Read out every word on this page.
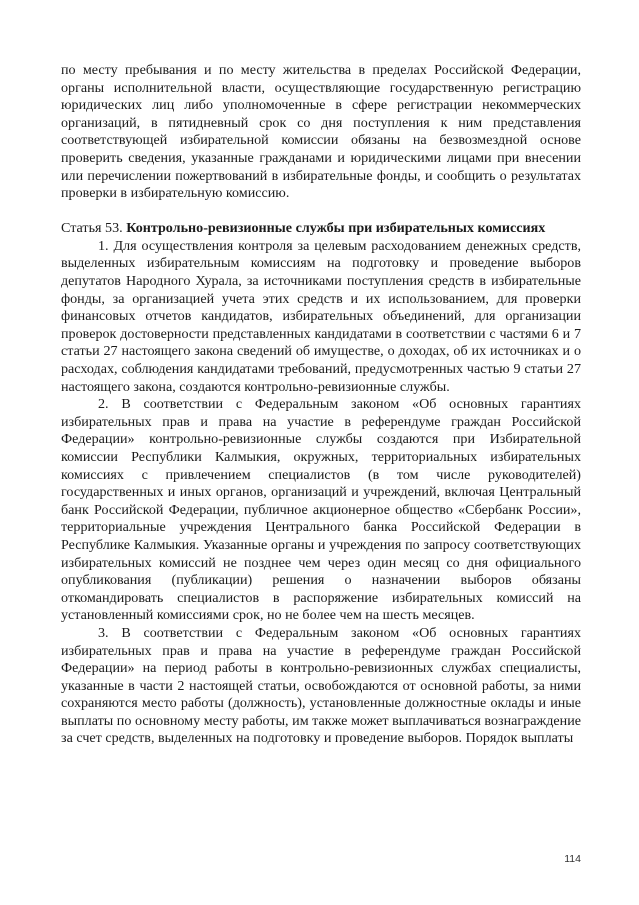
по месту пребывания и по месту жительства в пределах Российской Федерации, органы исполнительной власти, осуществляющие государственную регистрацию юридических лиц либо уполномоченные в сфере регистрации некоммерческих организаций, в пятидневный срок со дня поступления к ним представления соответствующей избирательной комиссии обязаны на безвозмездной основе проверить сведения, указанные гражданами и юридическими лицами при внесении или перечислении пожертвований в избирательные фонды, и сообщить о результатах проверки в избирательную комиссию.

Статья 53. Контрольно-ревизионные службы при избирательных комиссиях

1. Для осуществления контроля за целевым расходованием денежных средств, выделенных избирательным комиссиям на подготовку и проведение выборов депутатов Народного Хурала, за источниками поступления средств в избирательные фонды, за организацией учета этих средств и их использованием, для проверки финансовых отчетов кандидатов, избирательных объединений, для организации проверок достоверности представленных кандидатами в соответствии с частями 6 и 7 статьи 27 настоящего закона сведений об имуществе, о доходах, об их источниках и о расходах, соблюдения кандидатами требований, предусмотренных частью 9 статьи 27 настоящего закона, создаются контрольно-ревизионные службы.

2. В соответствии с Федеральным законом «Об основных гарантиях избирательных прав и права на участие в референдуме граждан Российской Федерации» контрольно-ревизионные службы создаются при Избирательной комиссии Республики Калмыкия, окружных, территориальных избирательных комиссиях с привлечением специалистов (в том числе руководителей) государственных и иных органов, организаций и учреждений, включая Центральный банк Российской Федерации, публичное акционерное общество «Сбербанк России», территориальные учреждения Центрального банка Российской Федерации в Республике Калмыкия. Указанные органы и учреждения по запросу соответствующих избирательных комиссий не позднее чем через один месяц со дня официального опубликования (публикации) решения о назначении выборов обязаны откомандировать специалистов в распоряжение избирательных комиссий на установленный комиссиями срок, но не более чем на шесть месяцев.

3. В соответствии с Федеральным законом «Об основных гарантиях избирательных прав и права на участие в референдуме граждан Российской Федерации» на период работы в контрольно-ревизионных службах специалисты, указанные в части 2 настоящей статьи, освобождаются от основной работы, за ними сохраняются место работы (должность), установленные должностные оклады и иные выплаты по основному месту работы, им также может выплачиваться вознаграждение за счет средств, выделенных на подготовку и проведение выборов. Порядок выплаты

114
